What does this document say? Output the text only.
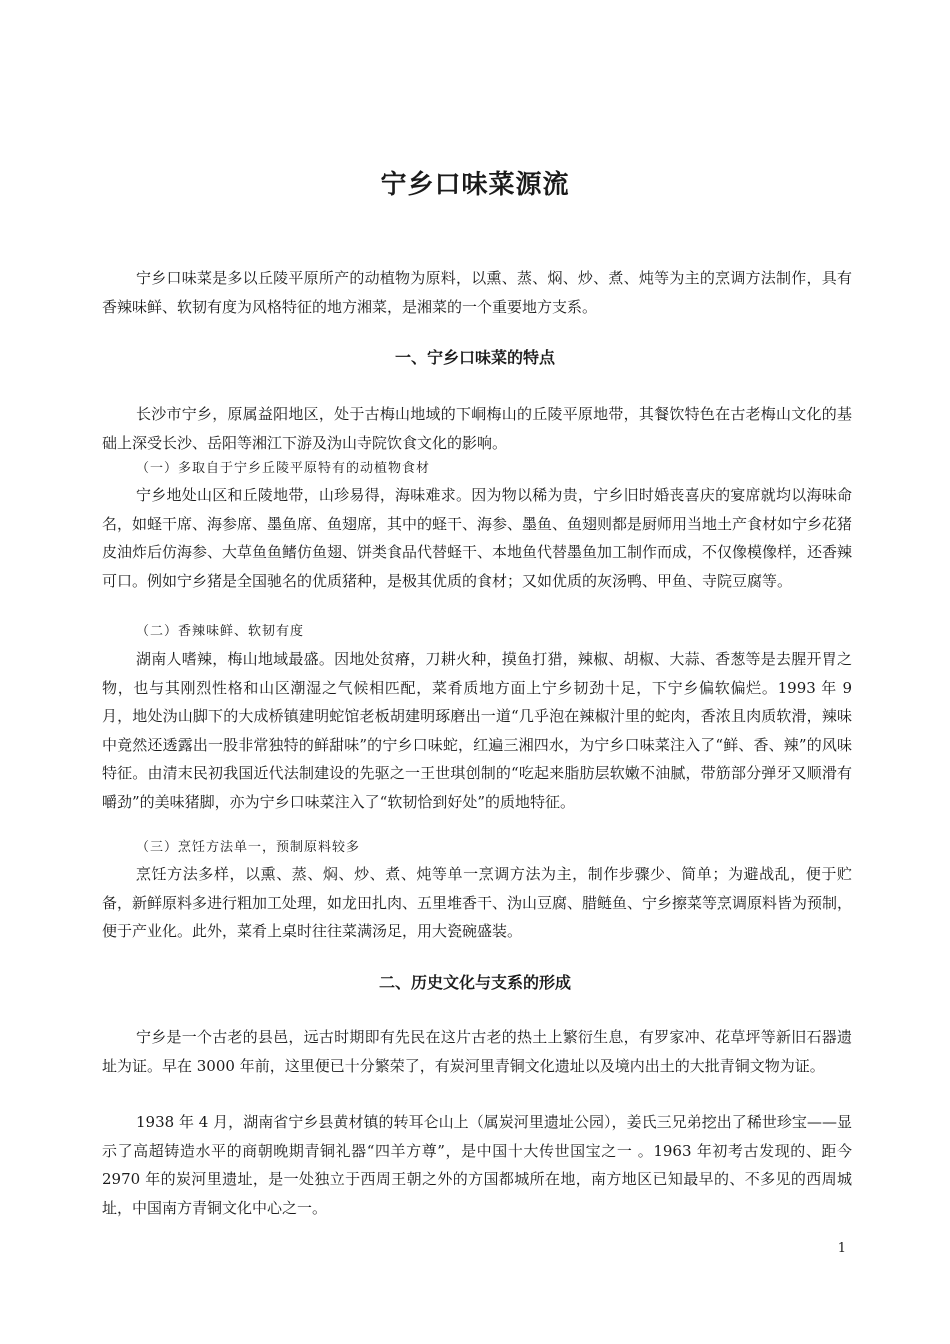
宁乡口味菜源流

宁乡口味菜是多以丘陵平原所产的动植物为原料，以熏、蒸、焖、炒、煮、炖等为主的烹调方法制作，具有香辣味鲜、软韧有度为风格特征的地方湘菜，是湘菜的一个重要地方支系。

一、宁乡口味菜的特点

长沙市宁乡，原属益阳地区，处于古梅山地域的下峒梅山的丘陵平原地带，其餐饮特色在古老梅山文化的基础上深受长沙、岳阳等湘江下游及沩山寺院饮食文化的影响。

（一）多取自于宁乡丘陵平原特有的动植物食材

宁乡地处山区和丘陵地带，山珍易得，海味难求。因为物以稀为贵，宁乡旧时婚丧喜庆的宴席就均以海味命名，如蛏干席、海参席、墨鱼席、鱼翅席，其中的蛏干、海参、墨鱼、鱼翅则都是厨师用当地土产食材如宁乡花猪皮油炸后仿海参、大草鱼鱼鳍仿鱼翅、饼类食品代替蛏干、本地鱼代替墨鱼加工制作而成，不仅像模像样，还香辣可口。例如宁乡猪是全国驰名的优质猪种，是极其优质的食材；又如优质的灰汤鸭、甲鱼、寺院豆腐等。

（二）香辣味鲜、软韧有度

湖南人嗜辣，梅山地域最盛。因地处贫瘠，刀耕火种，摸鱼打猎，辣椒、胡椒、大蒜、香葱等是去腥开胃之物，也与其刚烈性格和山区潮湿之气候相匹配，菜肴质地方面上宁乡韧劲十足，下宁乡偏软偏烂。1993 年 9 月，地处沩山脚下的大成桥镇建明蛇馆老板胡建明琢磨出一道“几乎泡在辣椒汁里的蛇肉，香浓且肉质软滑，辣味中竟然还透露出一股非常独特的鲜甜味”的宁乡口味蛇，红遍三湘四水，为宁乡口味菜注入了“鲜、香、辣”的风味特征。由清末民初我国近代法制建设的先驱之一王世琪创制的“吃起来脂肪层软嫩不油腻，带筋部分弹牙又顺滑有嚼劲”的美味猪脚，亦为宁乡口味菜注入了“软韧恰到好处”的质地特征。

（三）烹饪方法单一，预制原料较多

烹饪方法多样，以熏、蒸、焖、炒、煮、炖等单一烹调方法为主，制作步骤少、简单；为避战乱，便于贮备，新鲜原料多进行粗加工处理，如龙田扎肉、五里堆香干、沩山豆腐、腊鲢鱼、宁乡擦菜等烹调原料皆为预制，便于产业化。此外，菜肴上桌时往往菜满汤足，用大瓷碗盛装。

二、历史文化与支系的形成

宁乡是一个古老的县邑，远古时期即有先民在这片古老的热土上繁衍生息，有罗家冲、花草坪等新旧石器遗址为证。早在 3000 年前，这里便已十分繁荣了，有炭河里青铜文化遗址以及境内出土的大批青铜文物为证。

1938 年 4 月，湖南省宁乡县黄材镇的转耳仑山上（属炭河里遗址公园），姜氏三兄弟挖出了稀世珍宝——显示了高超铸造水平的商朝晚期青铜礼器“四羊方尊”，是中国十大传世国宝之一 。1963 年初考古发现的、距今 2970 年的炭河里遗址，是一处独立于西周王朝之外的方国都城所在地，南方地区已知最早的、不多见的西周城址，中国南方青铜文化中心之一。

1
